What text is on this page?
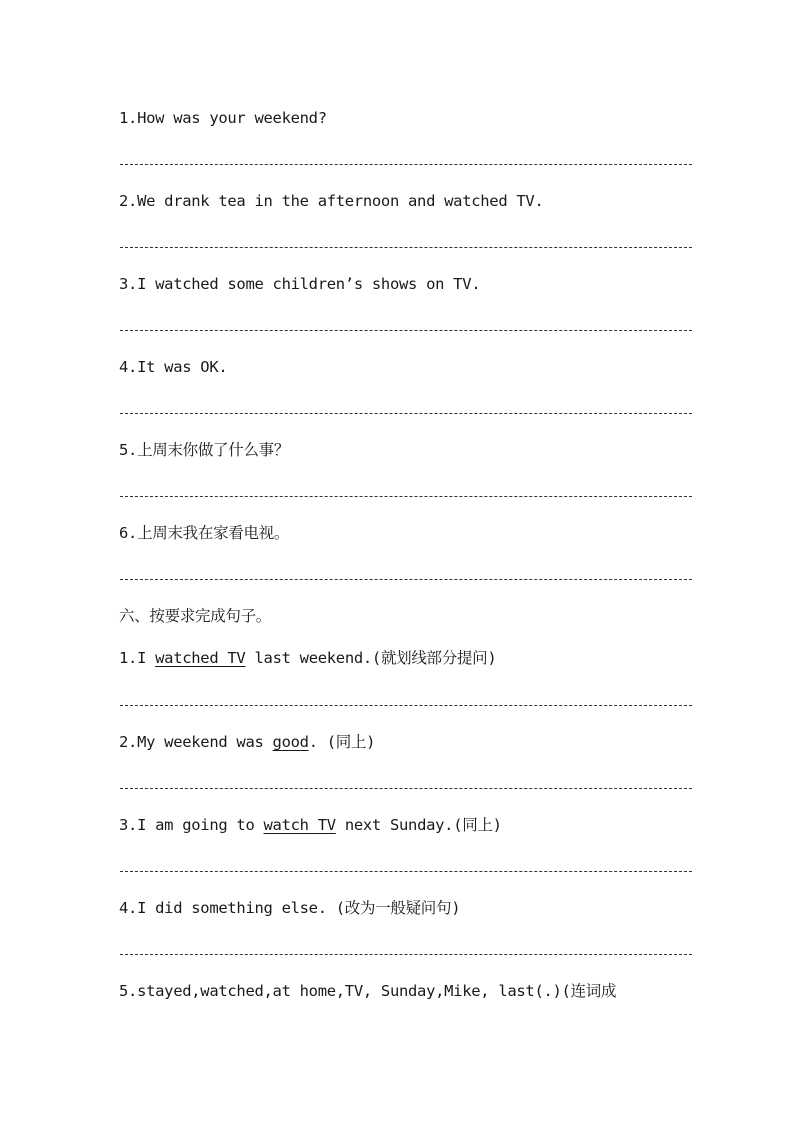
1.How was your weekend?
2.We drank tea in the afternoon and watched TV.
3.I watched some children’s shows on TV.
4.It was OK.
5.上周末你做了什么事？
6.上周末我在家看电视。
六、按要求完成句子。
1.I watched TV last weekend.(就划线部分提问)
2.My weekend was good. (同上)
3.I am going to watch TV next Sunday.(同上)
4.I did something else. (改为一般疑问句)
5.stayed,watched,at home,TV, Sunday,Mike, last(.)(连词成
